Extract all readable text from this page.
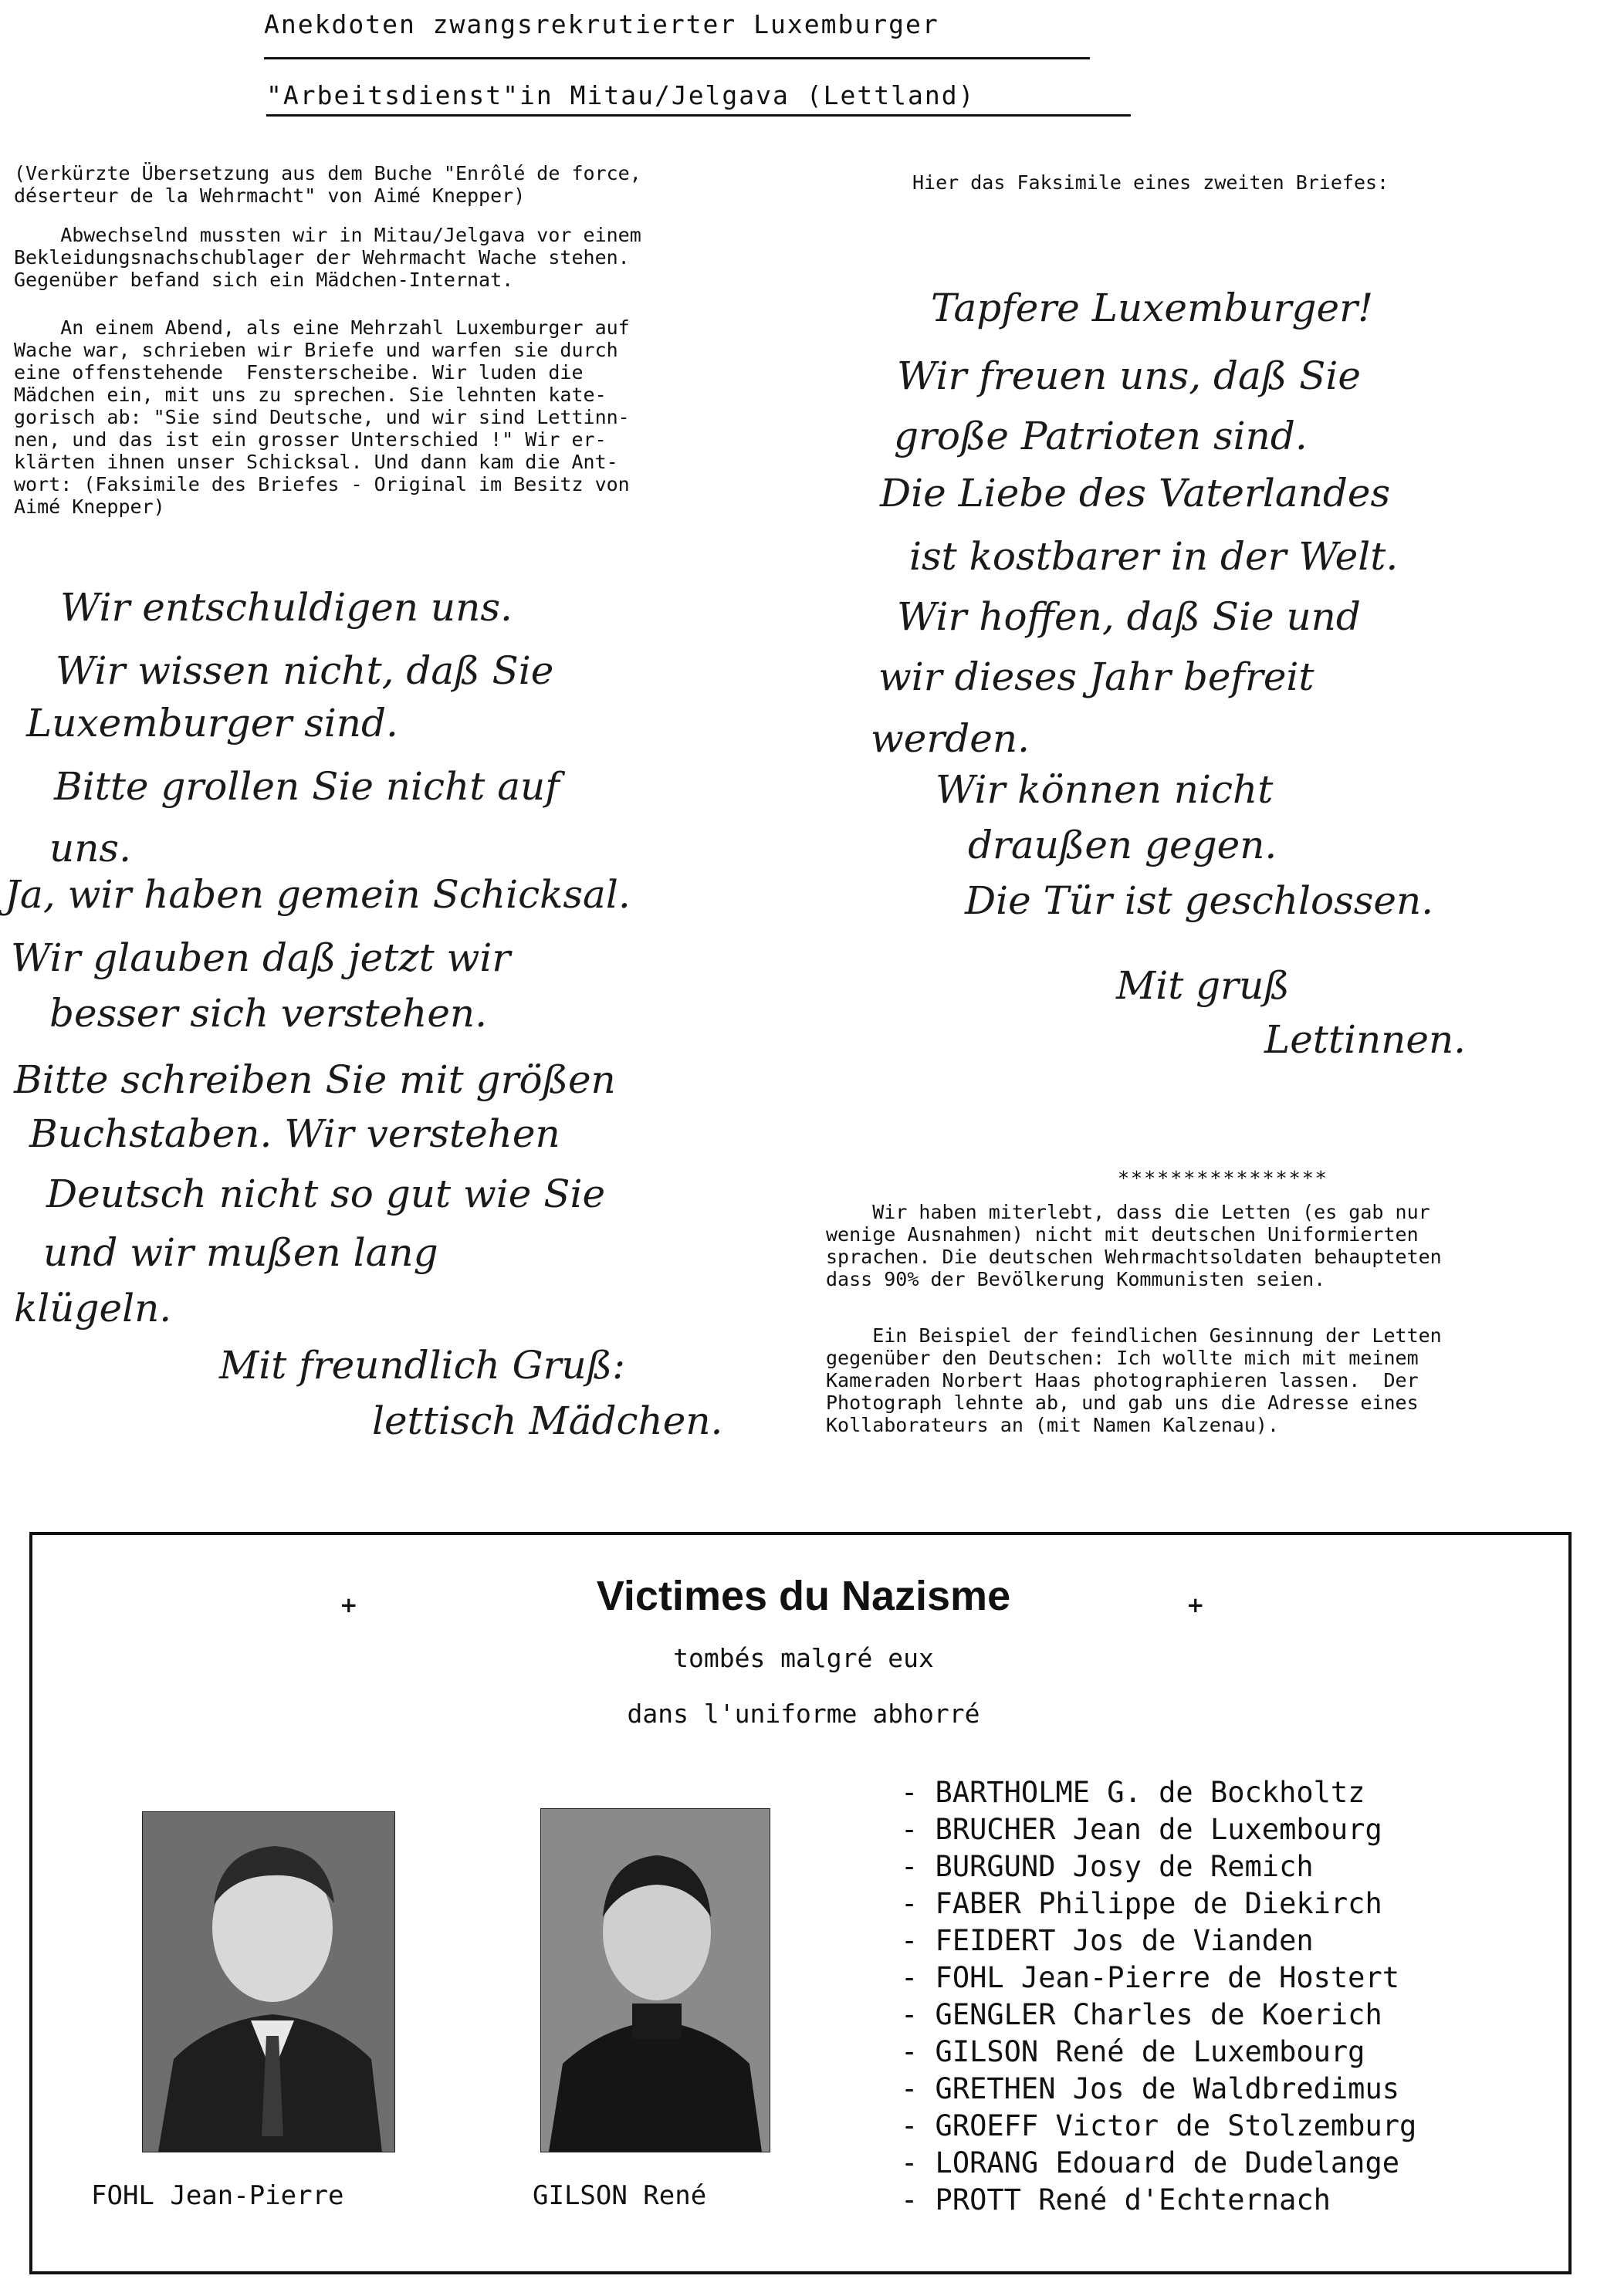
Anekdoten zwangsrekrutierter Luxemburger
"Arbeitsdienst"in Mitau/Jelgava (Lettland)
(Verkürzte Übersetzung aus dem Buche "Enrôlé de force,
déserteur de la Wehrmacht" von Aimé Knepper)
Abwechselnd mussten wir in Mitau/Jelgava vor einem
Bekleidungsnachschublager der Wehrmacht Wache stehen.
Gegenüber befand sich ein Mädchen-Internat.
An einem Abend, als eine Mehrzahl Luxemburger auf
Wache war, schrieben wir Briefe und warfen sie durch
eine offenstehende  Fensterscheibe. Wir luden die
Mädchen ein, mit uns zu sprechen. Sie lehnten kate-
gorisch ab: "Sie sind Deutsche, und wir sind Lettinn-
nen, und das ist ein grosser Unterschied !" Wir er-
klärten ihnen unser Schicksal. Und dann kam die Ant-
wort: (Faksimile des Briefes - Original im Besitz von
Aimé Knepper)
Wir entschuldigen uns.
Wir wissen nicht, daß Sie
Luxemburger sind.
Bitte grollen Sie nicht auf
uns.
Ja, wir haben gemein Schicksal.
Wir glauben daß jetzt wir
besser sich verstehen.
Bitte schreiben Sie mit größen
Buchstaben. Wir verstehen
Deutsch nicht so gut wie Sie
und wir mußen lang
klügeln.
Mit freundlich Gruß:
lettisch Mädchen.
Hier das Faksimile eines zweiten Briefes:
Tapfere Luxemburger!
Wir freuen uns, daß Sie
große Patrioten sind.
Die Liebe des Vaterlandes
ist kostbarer in der Welt.
Wir hoffen, daß Sie und
wir dieses Jahr befreit
werden.
Wir können nicht
draußen gegen.
Die Tür ist geschlossen.
Mit gruß
Lettinnen.
****************
Wir haben miterlebt, dass die Letten (es gab nur
wenige Ausnahmen) nicht mit deutschen Uniformierten
sprachen. Die deutschen Wehrmachtsoldaten behaupteten
dass 90% der Bevölkerung Kommunisten seien.
Ein Beispiel der feindlichen Gesinnung der Letten
gegenüber den Deutschen: Ich wollte mich mit meinem
Kameraden Norbert Haas photographieren lassen.  Der
Photograph lehnte ab, und gab uns die Adresse eines
Kollaborateurs an (mit Namen Kalzenau).
Victimes du Nazisme
tombés malgré eux
dans l'uniforme abhorré
+	+
FOHL Jean-Pierre	GILSON René
- BARTHOLME G. de Bockholtz
- BRUCHER Jean de Luxembourg
- BURGUND Josy de Remich
- FABER Philippe de Diekirch
- FEIDERT Jos de Vianden
- FOHL Jean-Pierre de Hostert
- GENGLER Charles de Koerich
- GILSON René de Luxembourg
- GRETHEN Jos de Waldbredimus
- GROEFF Victor de Stolzemburg
- LORANG Edouard de Dudelange
- PROTT René d'Echternach
